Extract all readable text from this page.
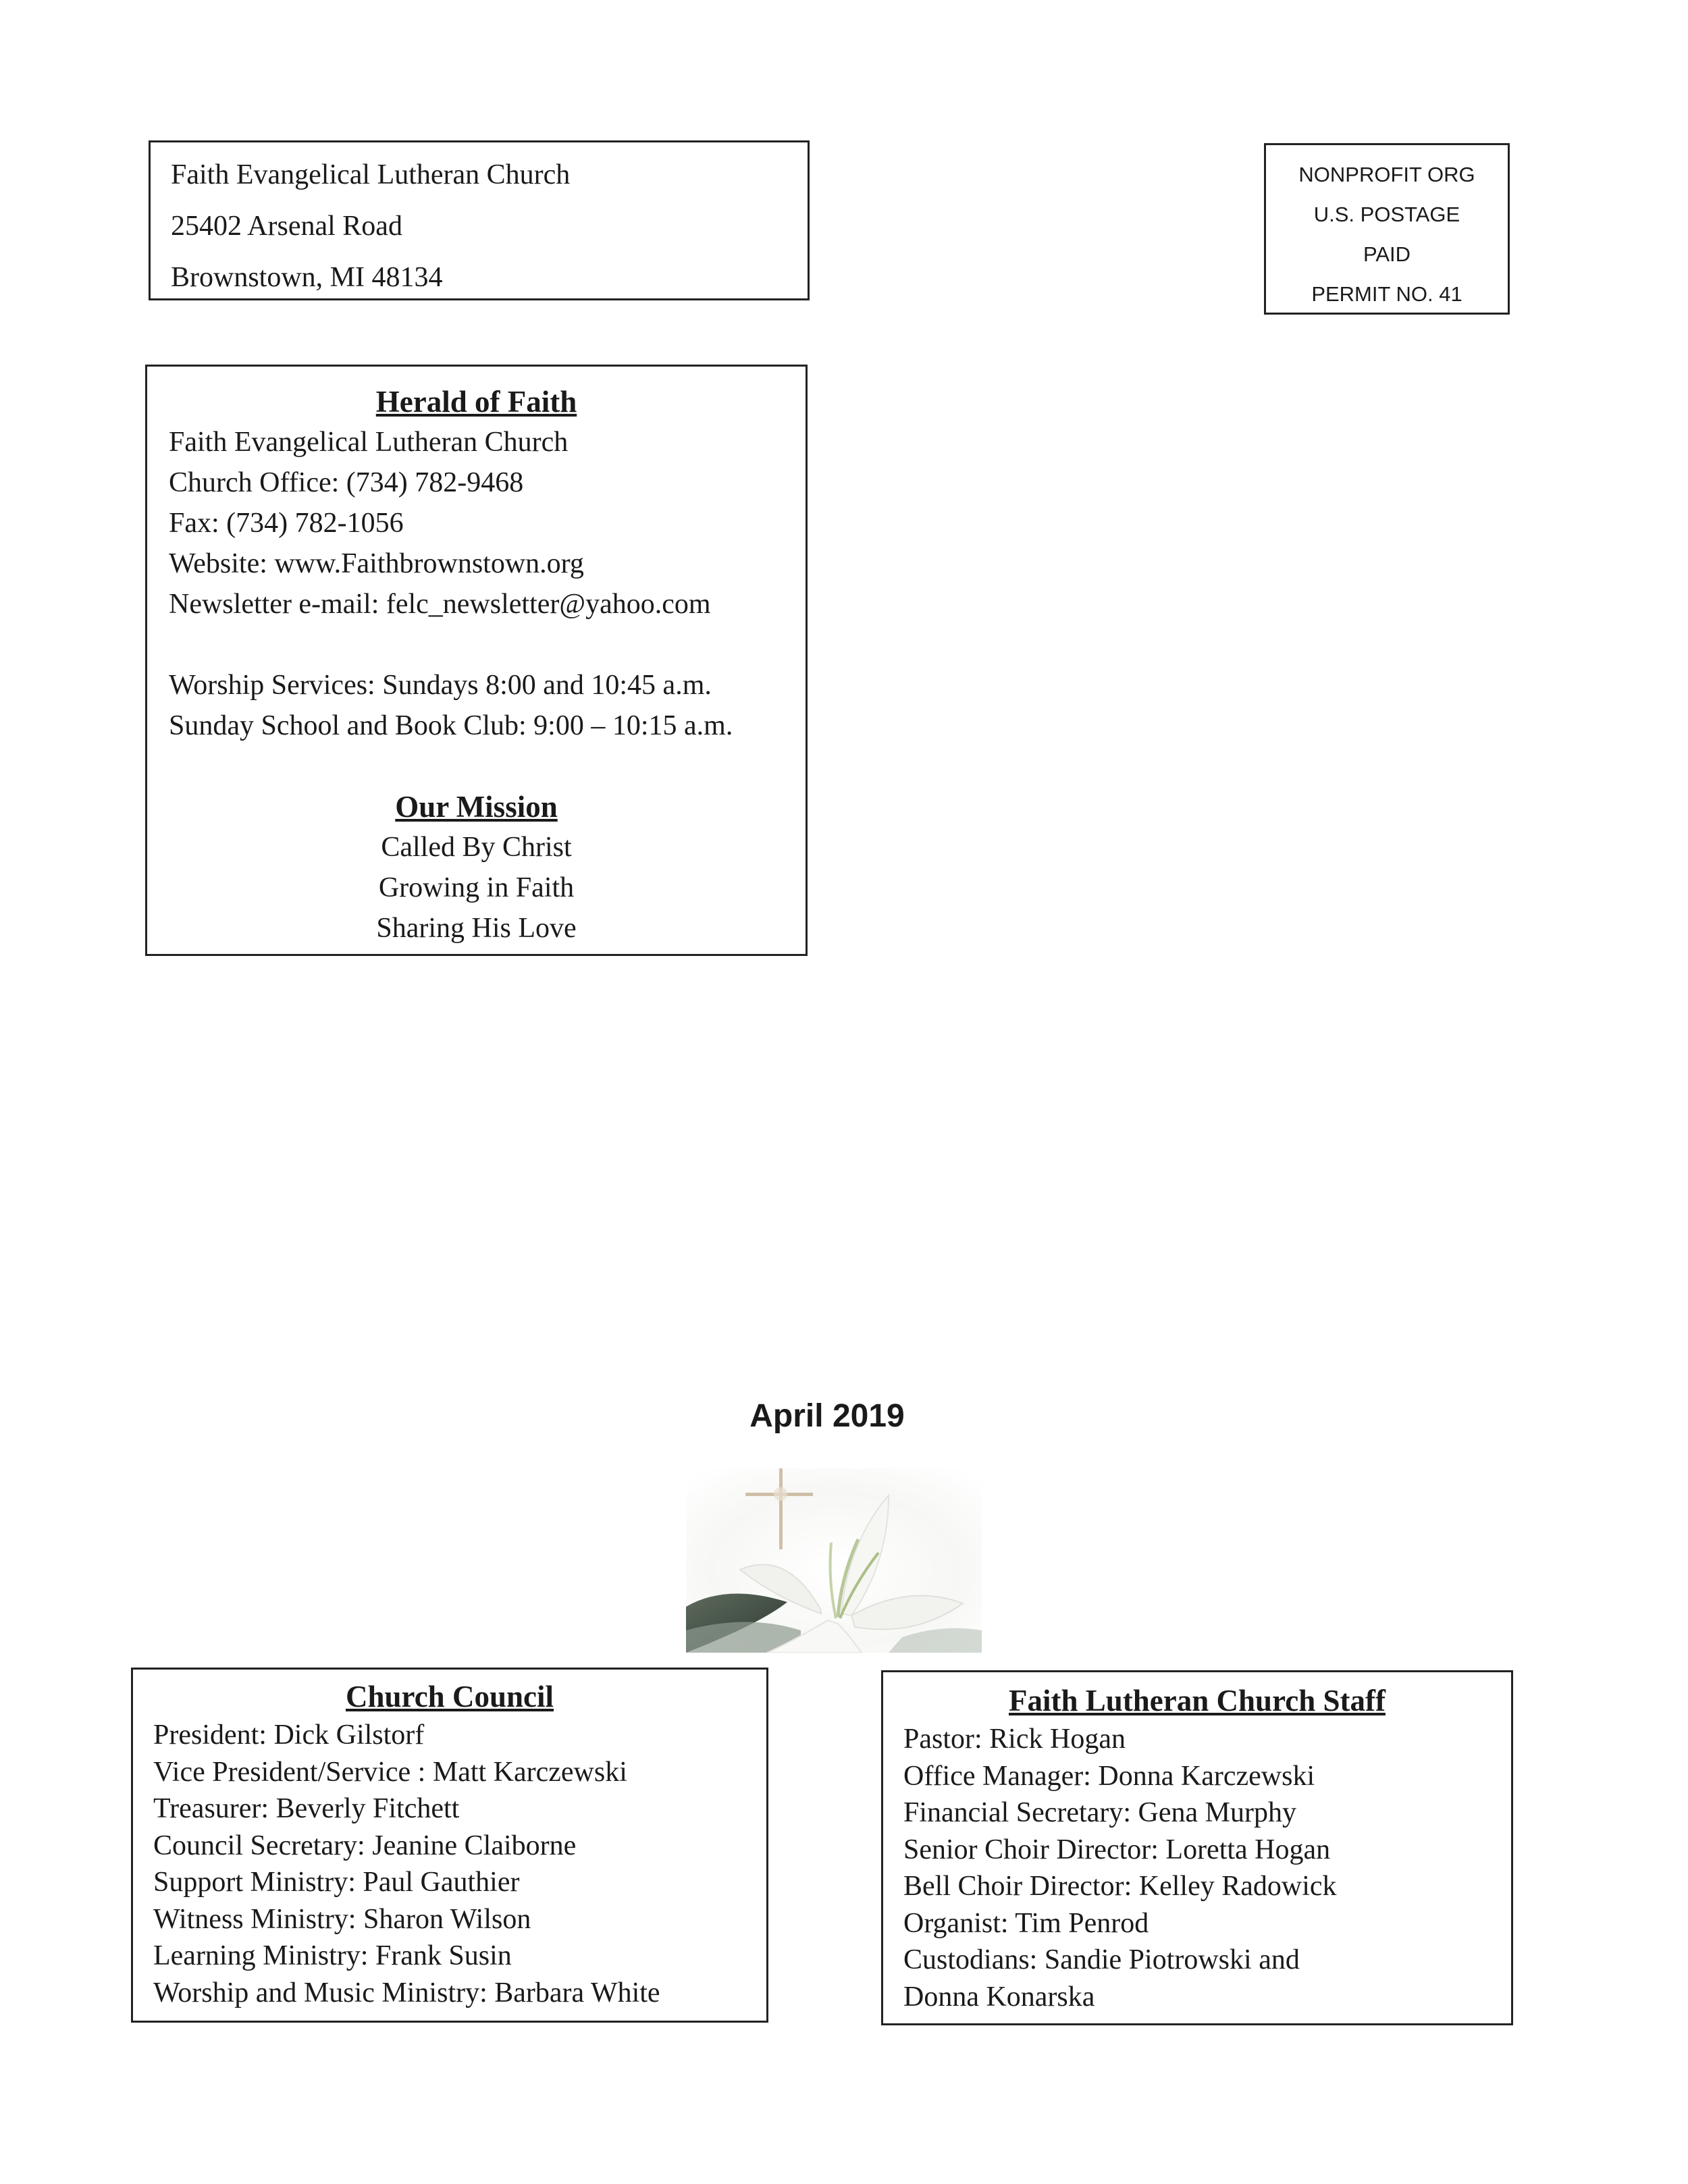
Faith Evangelical Lutheran Church
25402 Arsenal Road
Brownstown, MI 48134
NONPROFIT ORG
U.S. POSTAGE
PAID
PERMIT NO. 41
Herald of Faith
Faith Evangelical Lutheran Church
Church Office: (734) 782-9468
Fax: (734) 782-1056
Website: www.Faithbrownstown.org
Newsletter e-mail: felc_newsletter@yahoo.com
Worship Services: Sundays 8:00 and 10:45 a.m.
Sunday School and Book Club: 9:00 – 10:15 a.m.
Our Mission
Called By Christ
Growing in Faith
Sharing His Love
April 2019
Church Council
President: Dick Gilstorf
Vice President/Service : Matt Karczewski
Treasurer: Beverly Fitchett
Council Secretary: Jeanine Claiborne
Support Ministry: Paul Gauthier
Witness Ministry: Sharon Wilson
Learning Ministry: Frank Susin
Worship and Music Ministry: Barbara White
Faith Lutheran Church Staff
Pastor: Rick Hogan
Office Manager: Donna Karczewski
Financial Secretary: Gena Murphy
Senior Choir Director: Loretta Hogan
Bell Choir Director: Kelley Radowick
Organist: Tim Penrod
Custodians: Sandie Piotrowski and
Donna Konarska
